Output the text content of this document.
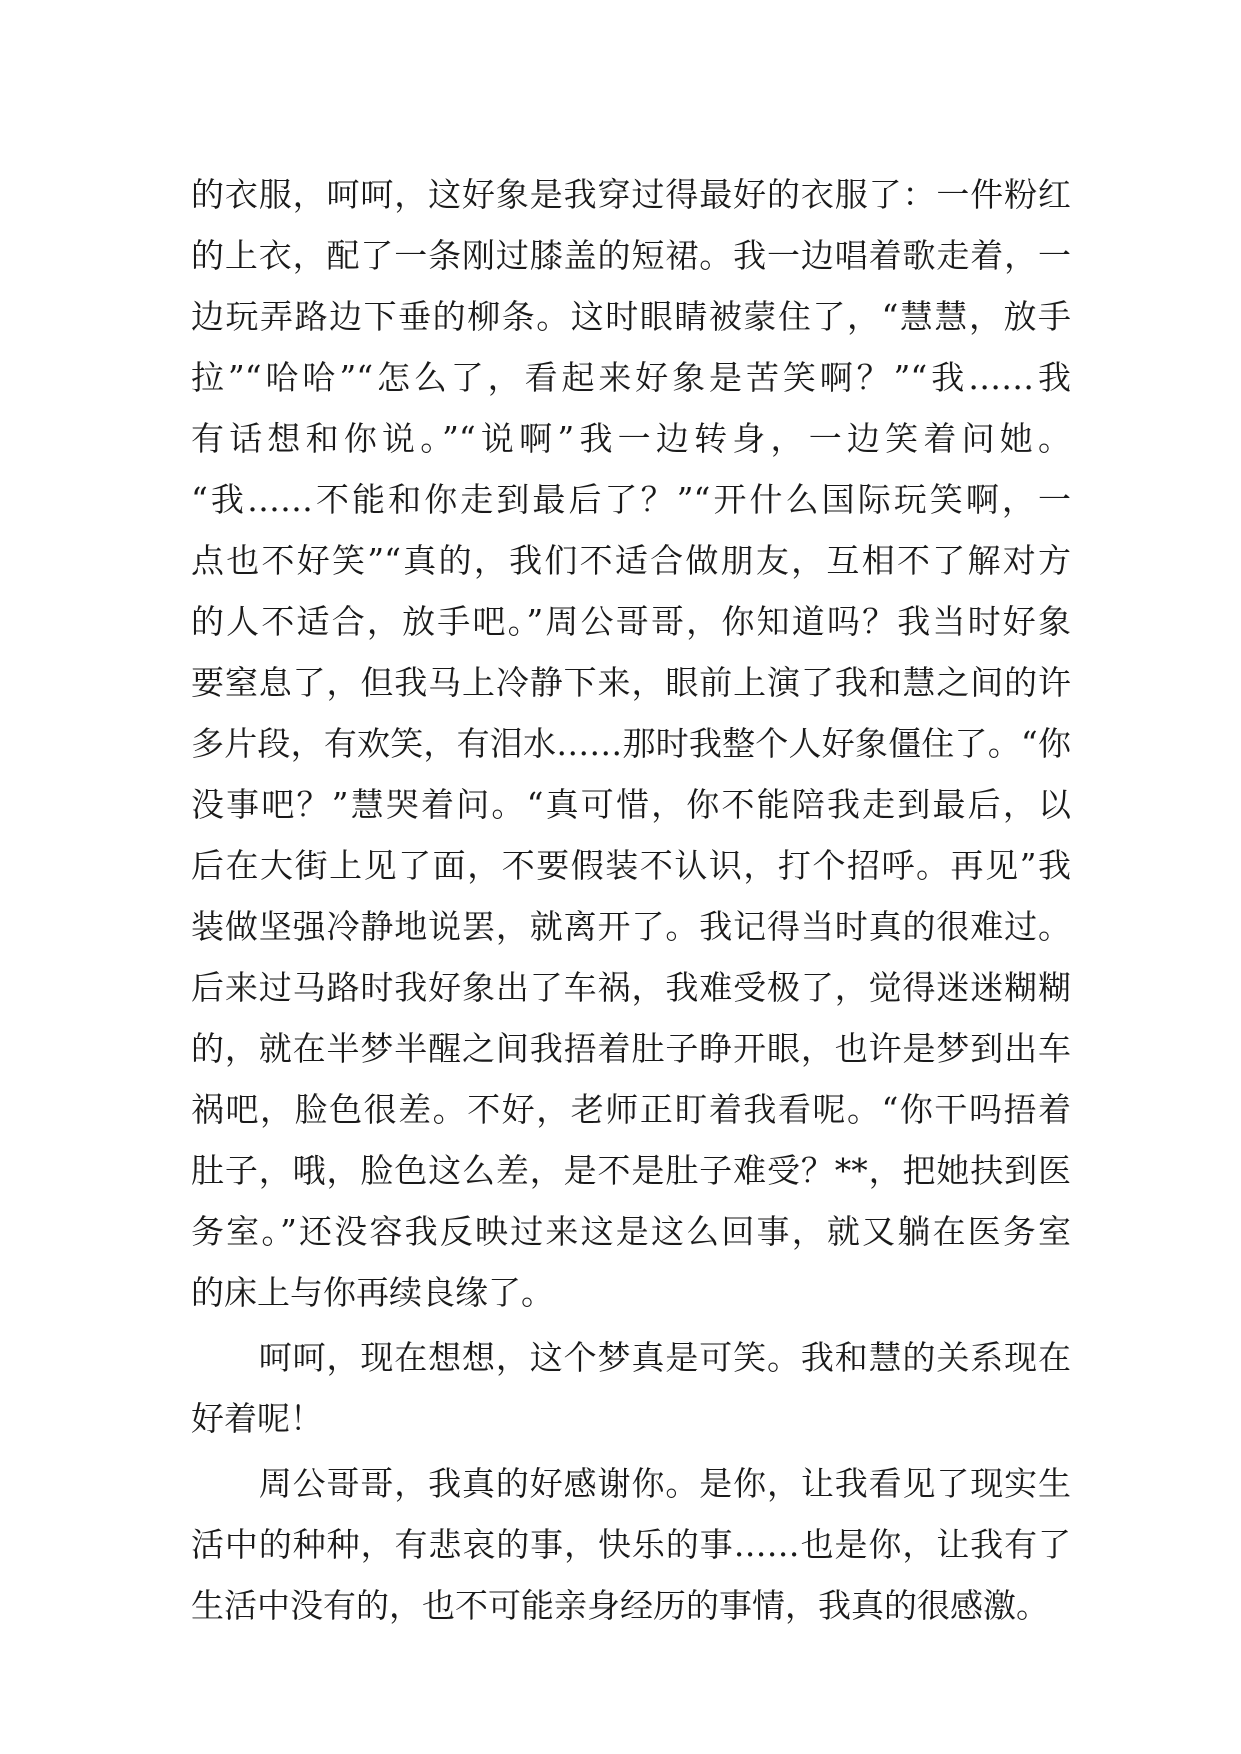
的衣服，呵呵，这好象是我穿过得最好的衣服了：一件粉红
的上衣，配了一条刚过膝盖的短裙。我一边唱着歌走着，一
边玩弄路边下垂的柳条。这时眼睛被蒙住了，“慧慧，放手
拉”“哈哈”“怎么了，看起来好象是苦笑啊？”“我……我
有话想和你说。”“说啊”我一边转身，一边笑着问她。
“我……不能和你走到最后了？”“开什么国际玩笑啊，一
点也不好笑”“真的，我们不适合做朋友，互相不了解对方
的人不适合，放手吧。”周公哥哥，你知道吗？我当时好象
要窒息了，但我马上冷静下来，眼前上演了我和慧之间的许
多片段，有欢笑，有泪水……那时我整个人好象僵住了。“你
没事吧？”慧哭着问。“真可惜，你不能陪我走到最后，以
后在大街上见了面，不要假装不认识，打个招呼。再见”我
装做坚强冷静地说罢，就离开了。我记得当时真的很难过。
后来过马路时我好象出了车祸，我难受极了，觉得迷迷糊糊
的，就在半梦半醒之间我捂着肚子睁开眼，也许是梦到出车
祸吧，脸色很差。不好，老师正盯着我看呢。“你干吗捂着
肚子，哦，脸色这么差，是不是肚子难受？**，把她扶到医
务室。”还没容我反映过来这是这么回事，就又躺在医务室
的床上与你再续良缘了。
　　呵呵，现在想想，这个梦真是可笑。我和慧的关系现在
好着呢！
　　周公哥哥，我真的好感谢你。是你，让我看见了现实生
活中的种种，有悲哀的事，快乐的事……也是你，让我有了
生活中没有的，也不可能亲身经历的事情，我真的很感激。
